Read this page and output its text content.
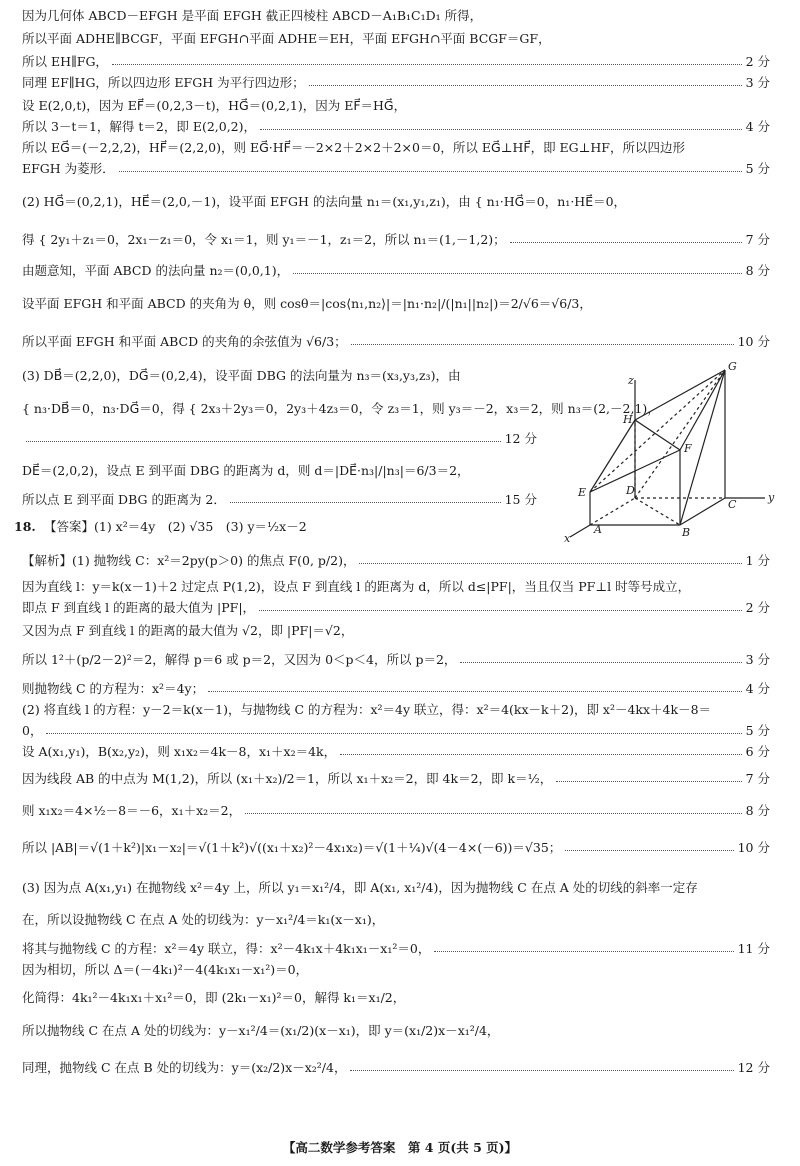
因为几何体 ABCD－EFGH 是平面 EFGH 截正四棱柱 ABCD－A₁B₁C₁D₁ 所得，
所以平面 ADHE∥BCGF，平面 EFGH∩平面 ADHE＝EH，平面 EFGH∩平面 BCGF＝GF，
所以 EH∥FG，	2 分
同理 EF∥HG，所以四边形 EFGH 为平行四边形；	3 分
设 E(2,0,t)，因为 EF⃗＝(0,2,3－t)，HG⃗＝(0,2,1)，因为 EF⃗＝HG⃗，
所以 3－t＝1，解得 t＝2，即 E(2,0,2)，	4 分
所以 EG⃗＝(－2,2,2)，HF⃗＝(2,2,0)，则 EG⃗·HF⃗＝－2×2＋2×2＋2×0＝0，所以 EG⃗⊥HF⃗，即 EG⊥HF，所以四边形
EFGH 为菱形．	5 分
(2) HG⃗＝(0,2,1)，HE⃗＝(2,0,－1)，设平面 EFGH 的法向量 n₁＝(x₁,y₁,z₁)，由 { n₁·HG⃗＝0，n₁·HE⃗＝0，
得 { 2y₁＋z₁＝0，2x₁－z₁＝0，令 x₁＝1，则 y₁＝－1，z₁＝2，所以 n₁＝(1,－1,2)；	7 分
由题意知，平面 ABCD 的法向量 n₂＝(0,0,1)，	8 分
设平面 EFGH 和平面 ABCD 的夹角为 θ，则 cosθ＝|cos⟨n₁,n₂⟩|＝|n₁·n₂|/(|n₁||n₂|)＝2/√6＝√6/3，
所以平面 EFGH 和平面 ABCD 的夹角的余弦值为 √6/3；	10 分
(3) DB⃗＝(2,2,0)，DG⃗＝(0,2,4)，设平面 DBG 的法向量为 n₃＝(x₃,y₃,z₃)，由
{ n₃·DB⃗＝0，n₃·DG⃗＝0，得 { 2x₃＋2y₃＝0，2y₃＋4z₃＝0，令 z₃＝1，则 y₃＝－2，x₃＝2，则 n₃＝(2,－2,1)，
12 分
DE⃗＝(2,0,2)，设点 E 到平面 DBG 的距离为 d，则 d＝|DE⃗·n₃|/|n₃|＝6/3＝2，
所以点 E 到平面 DBG 的距离为 2．	15 分
18. 【答案】(1) x²＝4y　(2) √35　(3) y＝½x－2
【解析】(1) 抛物线 C：x²＝2py(p＞0) 的焦点 F(0, p/2)，	1 分
因为直线 l：y＝k(x－1)＋2 过定点 P(1,2)，设点 F 到直线 l 的距离为 d，所以 d≤|PF|，当且仅当 PF⊥l 时等号成立，
即点 F 到直线 l 的距离的最大值为 |PF|，	2 分
又因为点 F 到直线 l 的距离的最大值为 √2，即 |PF|＝√2，
所以 1²＋(p/2－2)²＝2，解得 p＝6 或 p＝2，又因为 0＜p＜4，所以 p＝2，	3 分
则抛物线 C 的方程为：x²＝4y；	4 分
(2) 将直线 l 的方程：y－2＝k(x－1)，与抛物线 C 的方程为：x²＝4y 联立，得：x²＝4(kx－k＋2)，即 x²－4kx＋4k－8＝
0，	5 分
设 A(x₁,y₁)，B(x₂,y₂)，则 x₁x₂＝4k－8，x₁＋x₂＝4k，	6 分
因为线段 AB 的中点为 M(1,2)，所以 (x₁＋x₂)/2＝1，所以 x₁＋x₂＝2，即 4k＝2，即 k＝½，	7 分
则 x₁x₂＝4×½－8＝－6，x₁＋x₂＝2，	8 分
所以 |AB|＝√(1＋k²)|x₁－x₂|＝√(1＋k²)√((x₁＋x₂)²－4x₁x₂)＝√(1＋¼)√(4－4×(－6))＝√35；	10 分
(3) 因为点 A(x₁,y₁) 在抛物线 x²＝4y 上，所以 y₁＝x₁²/4，即 A(x₁, x₁²/4)，因为抛物线 C 在点 A 处的切线的斜率一定存
在，所以设抛物线 C 在点 A 处的切线为：y－x₁²/4＝k₁(x－x₁)，
将其与抛物线 C 的方程：x²＝4y 联立，得：x²－4k₁x＋4k₁x₁－x₁²＝0，	11 分
因为相切，所以 Δ＝(－4k₁)²－4(4k₁x₁－x₁²)＝0，
化简得：4k₁²－4k₁x₁＋x₁²＝0，即 (2k₁－x₁)²＝0，解得 k₁＝x₁/2，
所以抛物线 C 在点 A 处的切线为：y－x₁²/4＝(x₁/2)(x－x₁)，即 y＝(x₁/2)x－x₁²/4，
同理，抛物线 C 在点 B 处的切线为：y＝(x₂/2)x－x₂²/4，	12 分
G
z
H
F
E	D
C
y
A	B
x
【高二数学参考答案　第 4 页(共 5 页)】
